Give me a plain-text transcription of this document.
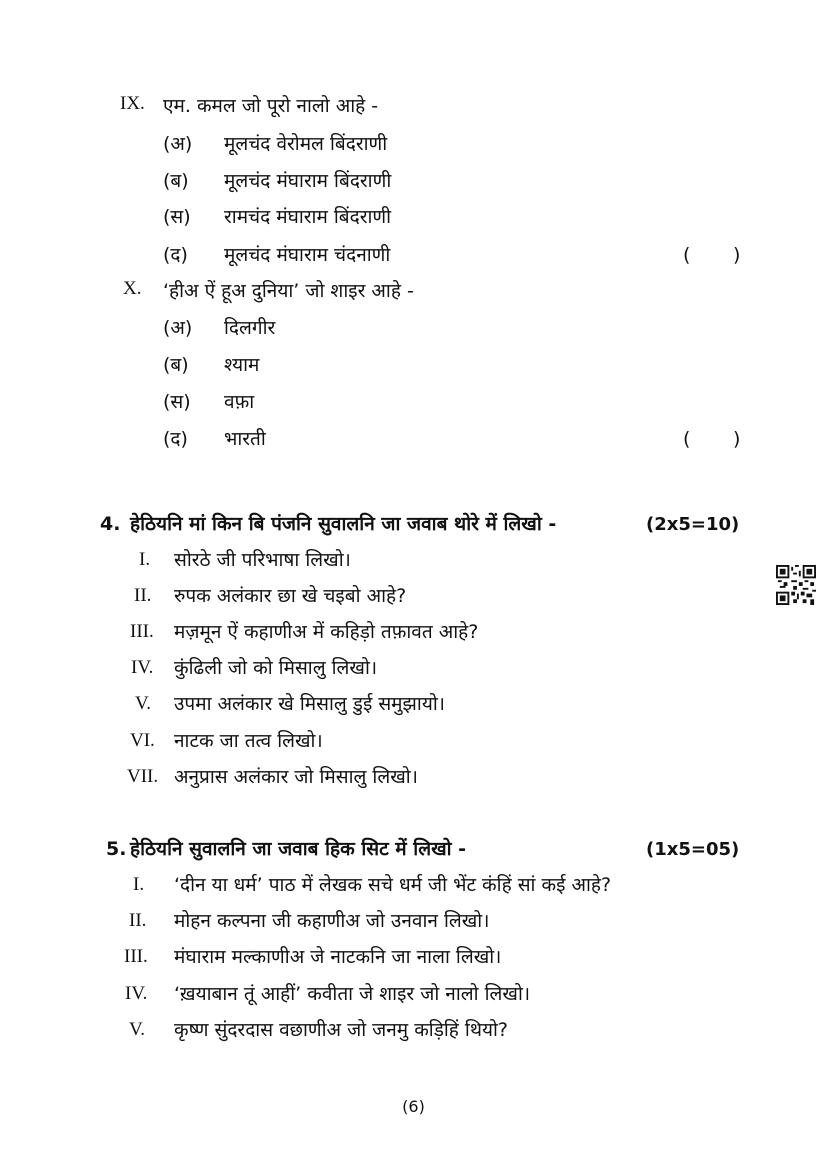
IX. एम. कमल जो पूरो नालो आहे -
(अ) मूलचंद वेरोमल बिंदराणी
(ब) मूलचंद मंघाराम बिंदराणी
(स) रामचंद मंघाराम बिंदराणी
(द) मूलचंद मंघाराम चंदनाणी	( )
X. ‘हीअ ऐं हूअ दुनिया’ जो शाइर आहे -
(अ) दिलगीर
(ब) श्याम
(स) वफ़ा
(द) भारती	( )
4. हेठियनि मां किन बि पंजनि सुवालनि जा जवाब थोरे में लिखो -	(2x5=10)
I. सोरठे जी परिभाषा लिखो।
II. रुपक अलंकार छा खे चइबो आहे?
III. मज़मून ऐं कहाणीअ में कहिड़ो तफ़ावत आहे?
IV. कुंढिली जो को मिसालु लिखो।
V. उपमा अलंकार खे मिसालु डुई समुझायो।
VI. नाटक जा तत्व लिखो।
VII. अनुप्रास अलंकार जो मिसालु लिखो।
5. हेठियनि सुवालनि जा जवाब हिक सिट में लिखो -	(1x5=05)
I. ‘दीन या धर्म’ पाठ में लेखक सचे धर्म जी भेंट कंहिं सां कई आहे?
II. मोहन कल्पना जी कहाणीअ जो उनवान लिखो।
III. मंघाराम मल्काणीअ जे नाटकनि जा नाला लिखो।
IV. ‘ख़याबान तूं आहीं’ कवीता जे शाइर जो नालो लिखो।
V. कृष्ण सुंदरदास वछाणीअ जो जनमु कड़िहिं थियो?
(6)
